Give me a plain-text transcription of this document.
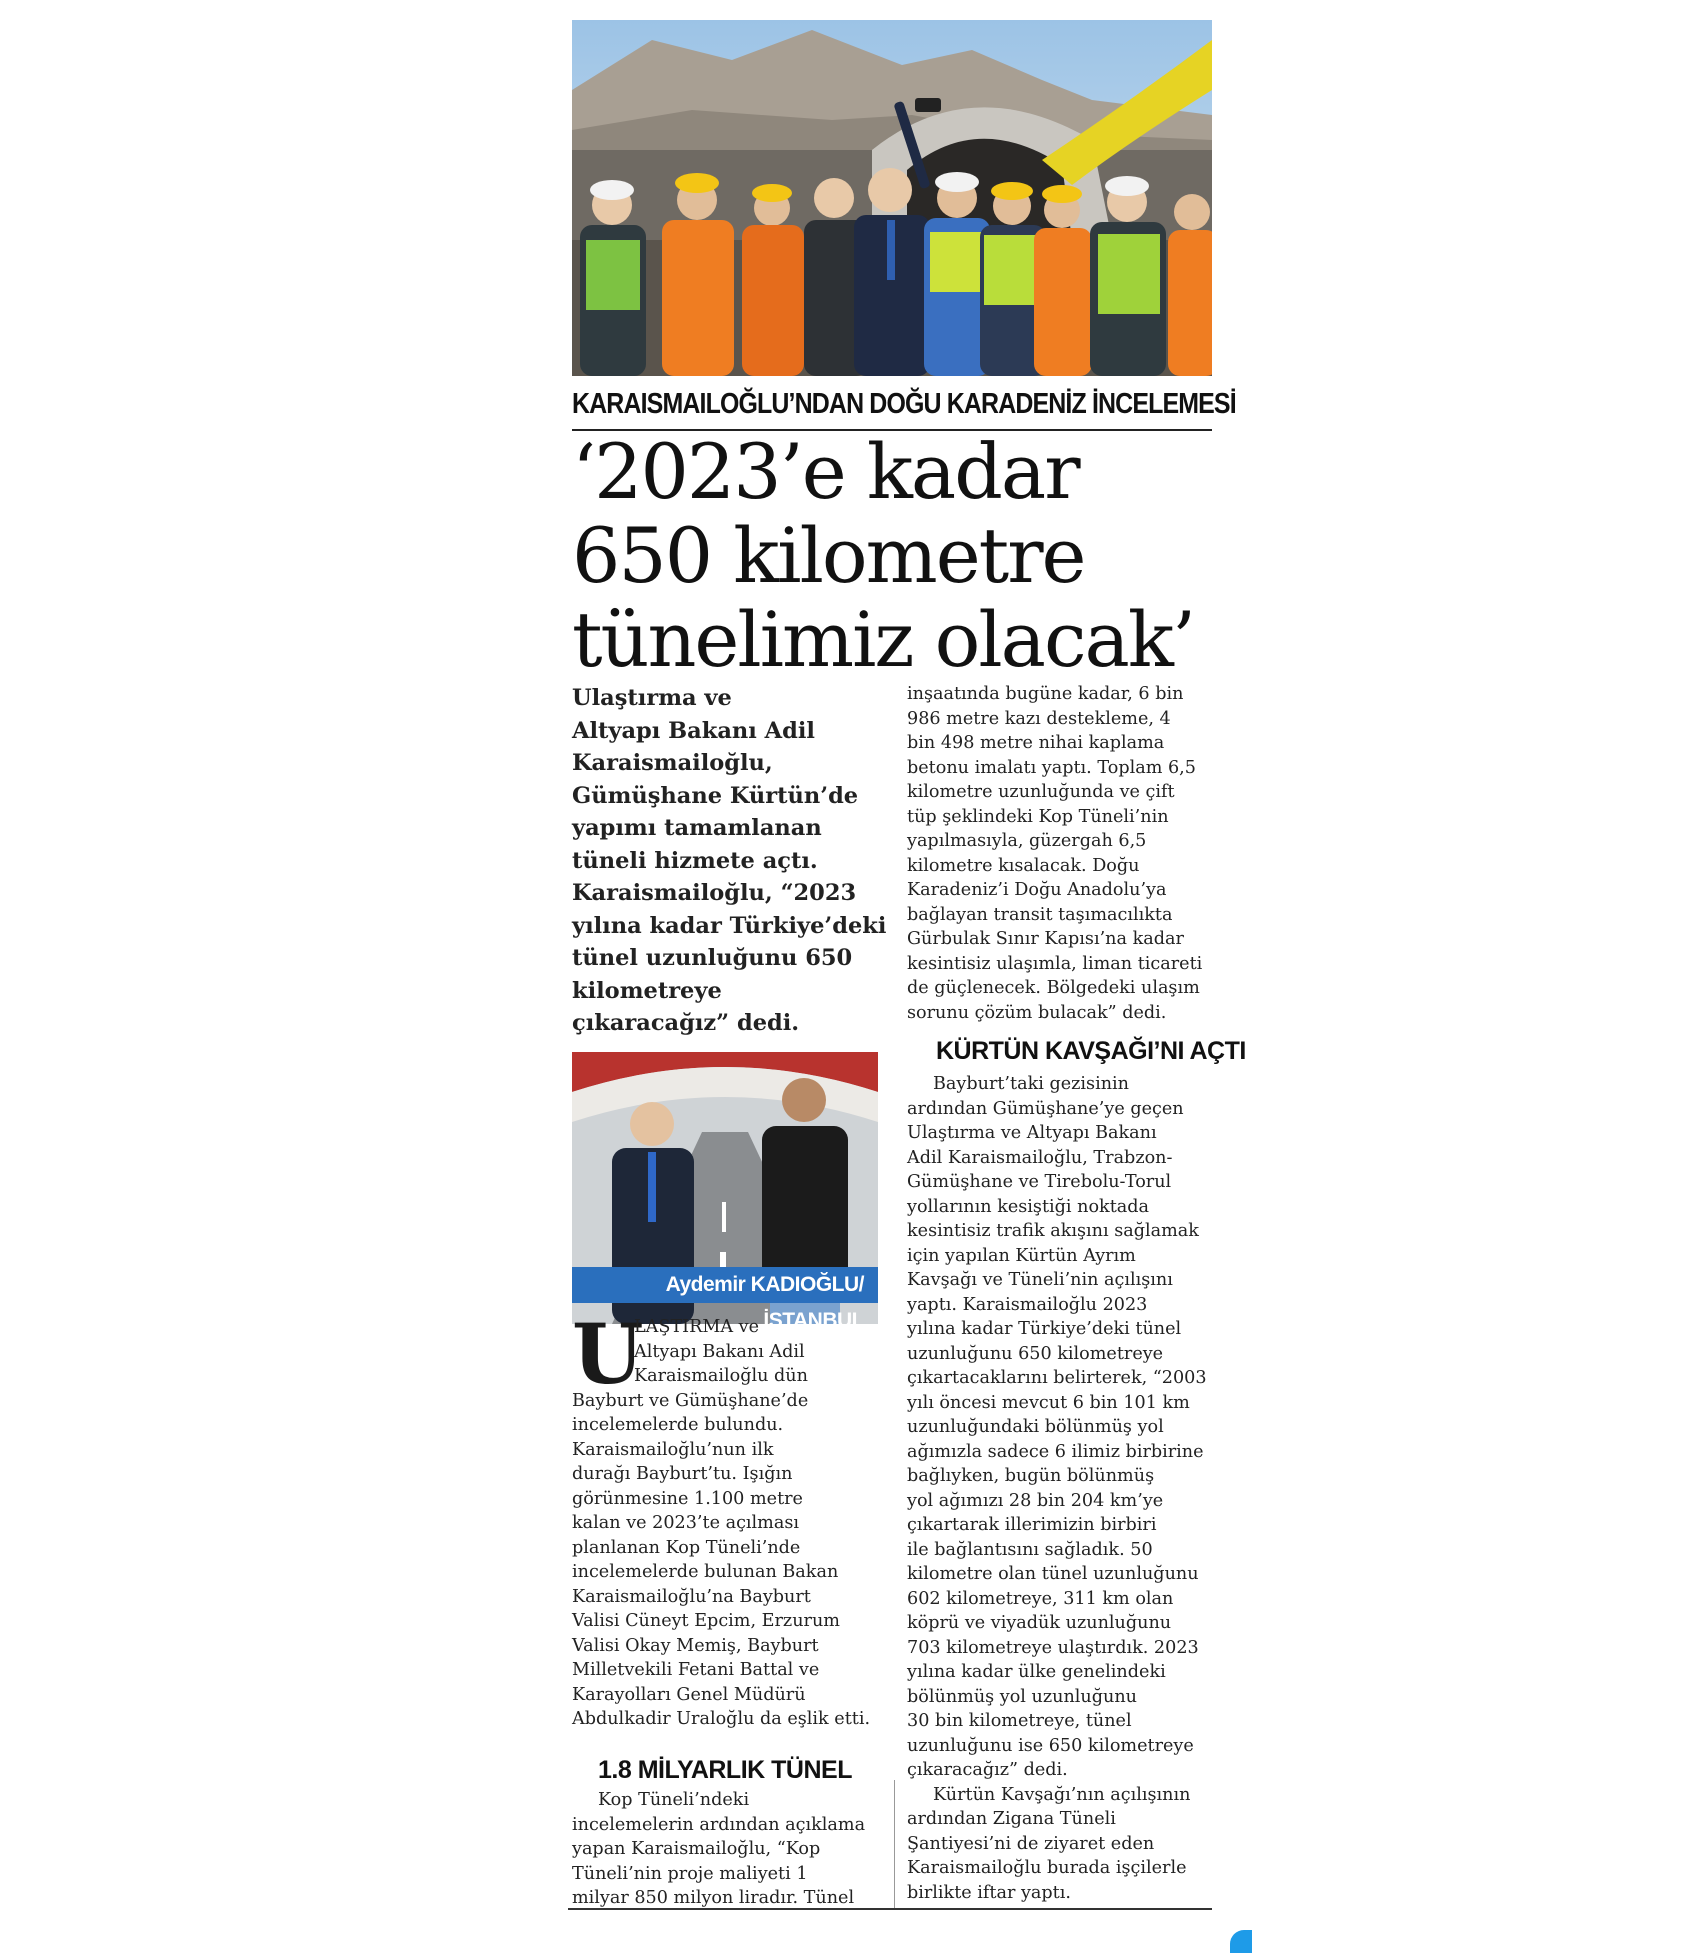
KARAISMAILOĞLU’NDAN DOĞU KARADENİZ İNCELEMESİ
‘2023’e kadar
650 kilometre
tünelimiz olacak’
Ulaştırma ve
Altyapı Bakanı Adil
Karaismailoğlu,
Gümüşhane Kürtün’de
yapımı tamamlanan
tüneli hizmete açtı.
Karaismailoğlu, “2023
yılına kadar Türkiye’deki
tünel uzunluğunu 650
kilometreye
çıkaracağız” dedi.
Aydemir KADIOĞLU/İSTANBUL
U
LAŞTIRMA ve
Altyapı Bakanı Adil
Karaismailoğlu dün
Bayburt ve Gümüşhane’de
incelemelerde bulundu.
Karaismailoğlu’nun ilk
durağı Bayburt’tu. Işığın
görünmesine 1.100 metre
kalan ve 2023’te açılması
planlanan Kop Tüneli’nde
incelemelerde bulunan Bakan
Karaismailoğlu’na Bayburt
Valisi Cüneyt Epcim, Erzurum
Valisi Okay Memiş, Bayburt
Milletvekili Fetani Battal ve
Karayolları Genel Müdürü
Abdulkadir Uraloğlu da eşlik etti.
1.8 MİLYARLIK TÜNEL
Kop Tüneli’ndeki
incelemelerin ardından açıklama
yapan Karaismailoğlu, “Kop
Tüneli’nin proje maliyeti 1
milyar 850 milyon liradır. Tünel
inşaatında bugüne kadar, 6 bin
986 metre kazı destekleme, 4
bin 498 metre nihai kaplama
betonu imalatı yaptı. Toplam 6,5
kilometre uzunluğunda ve çift
tüp şeklindeki Kop Tüneli’nin
yapılmasıyla, güzergah 6,5
kilometre kısalacak. Doğu
Karadeniz’i Doğu Anadolu’ya
bağlayan transit taşımacılıkta
Gürbulak Sınır Kapısı’na kadar
kesintisiz ulaşımla, liman ticareti
de güçlenecek. Bölgedeki ulaşım
sorunu çözüm bulacak” dedi.
KÜRTÜN KAVŞAĞI’NI AÇTI
Bayburt’taki gezisinin
ardından Gümüşhane’ye geçen
Ulaştırma ve Altyapı Bakanı
Adil Karaismailoğlu, Trabzon-
Gümüşhane ve Tirebolu-Torul
yollarının kesiştiği noktada
kesintisiz trafik akışını sağlamak
için yapılan Kürtün Ayrım
Kavşağı ve Tüneli’nin açılışını
yaptı. Karaismailoğlu 2023
yılına kadar Türkiye’deki tünel
uzunluğunu 650 kilometreye
çıkartacaklarını belirterek, “2003
yılı öncesi mevcut 6 bin 101 km
uzunluğundaki bölünmüş yol
ağımızla sadece 6 ilimiz birbirine
bağlıyken, bugün bölünmüş
yol ağımızı 28 bin 204 km’ye
çıkartarak illerimizin birbiri
ile bağlantısını sağladık. 50
kilometre olan tünel uzunluğunu
602 kilometreye, 311 km olan
köprü ve viyadük uzunluğunu
703 kilometreye ulaştırdık. 2023
yılına kadar ülke genelindeki
bölünmüş yol uzunluğunu
30 bin kilometreye, tünel
uzunluğunu ise 650 kilometreye
çıkaracağız” dedi.
Kürtün Kavşağı’nın açılışının
ardından Zigana Tüneli
Şantiyesi’ni de ziyaret eden
Karaismailoğlu burada işçilerle
birlikte iftar yaptı.
